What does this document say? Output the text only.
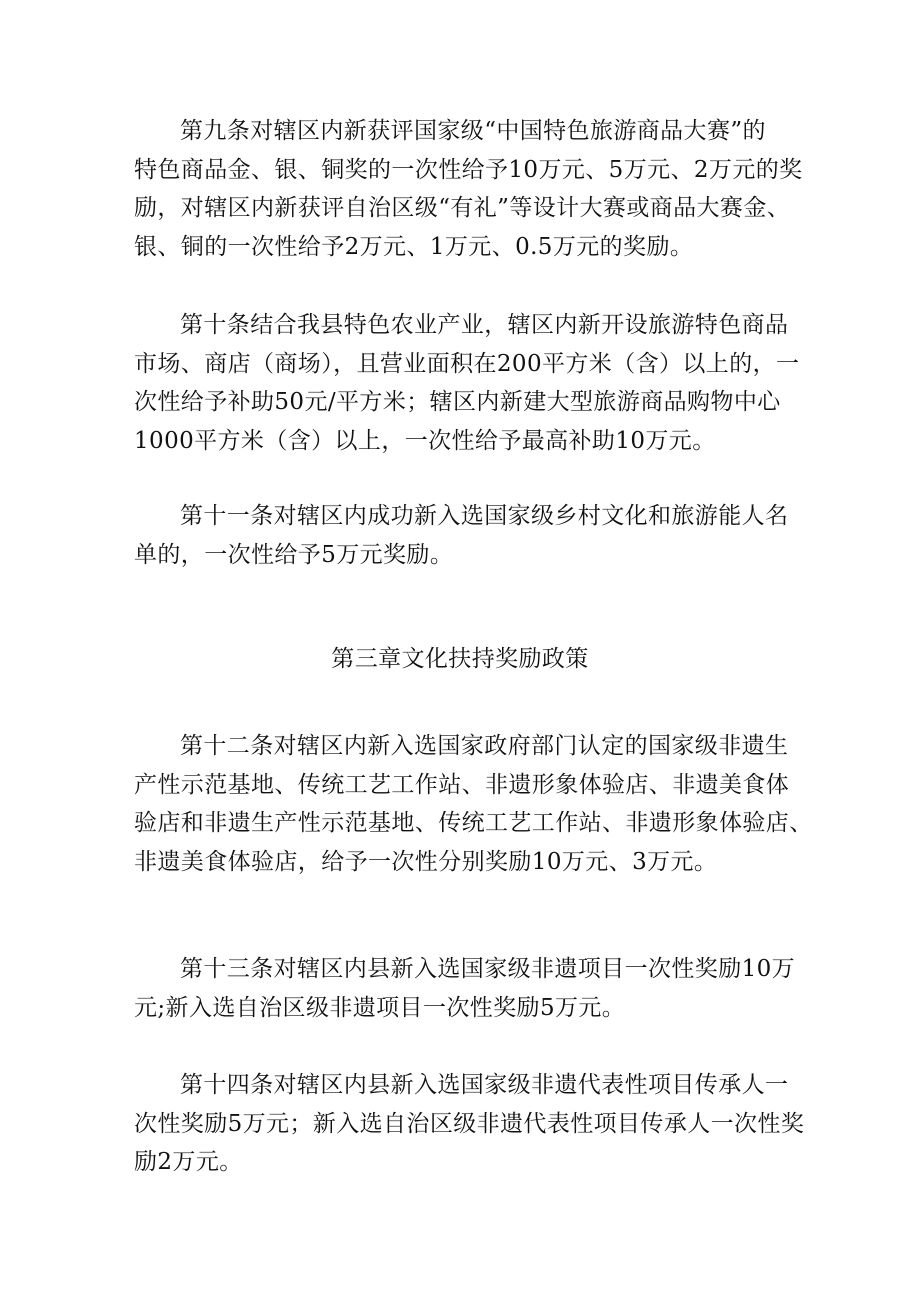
第九条对辖区内新获评国家级“中国特色旅游商品大赛”的
特色商品金、银、铜奖的一次性给予10万元、5万元、2万元的奖
励，对辖区内新获评自治区级“有礼”等设计大赛或商品大赛金、
银、铜的一次性给予2万元、1万元、0.5万元的奖励。
第十条结合我县特色农业产业，辖区内新开设旅游特色商品
市场、商店（商场），且营业面积在200平方米（含）以上的，一
次性给予补助50元/平方米；辖区内新建大型旅游商品购物中心
1000平方米（含）以上，一次性给予最高补助10万元。
第十一条对辖区内成功新入选国家级乡村文化和旅游能人名
单的，一次性给予5万元奖励。
第三章文化扶持奖励政策
第十二条对辖区内新入选国家政府部门认定的国家级非遗生
产性示范基地、传统工艺工作站、非遗形象体验店、非遗美食体
验店和非遗生产性示范基地、传统工艺工作站、非遗形象体验店、
非遗美食体验店，给予一次性分别奖励10万元、3万元。
第十三条对辖区内县新入选国家级非遗项目一次性奖励10万
元;新入选自治区级非遗项目一次性奖励5万元。
第十四条对辖区内县新入选国家级非遗代表性项目传承人一
次性奖励5万元；新入选自治区级非遗代表性项目传承人一次性奖
励2万元。
